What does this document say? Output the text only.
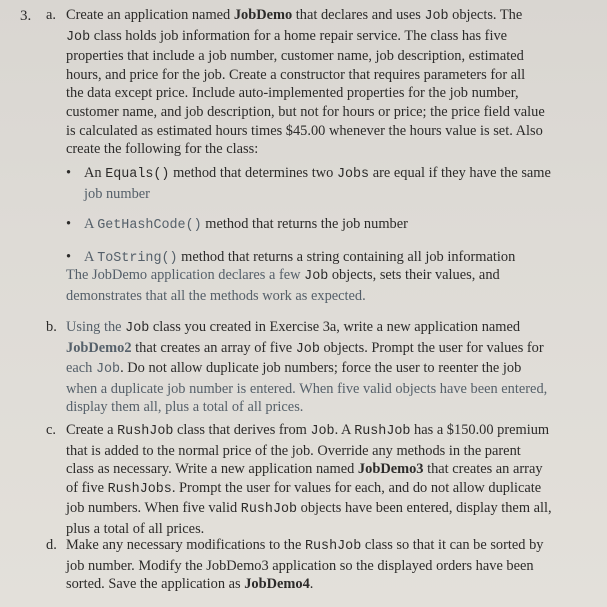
3. a. Create an application named JobDemo that declares and uses Job objects. The
Job class holds job information for a home repair service. The class has five
properties that include a job number, customer name, job description, estimated
hours, and price for the job. Create a constructor that requires parameters for all
the data except price. Include auto-implemented properties for the job number,
customer name, and job description, but not for hours or price; the price field value
is calculated as estimated hours times $45.00 whenever the hours value is set. Also
create the following for the class:
• An Equals() method that determines two Jobs are equal if they have the same
job number
• A GetHashCode() method that returns the job number
• A ToString() method that returns a string containing all job information
The JobDemo application declares a few Job objects, sets their values, and
demonstrates that all the methods work as expected.
b. Using the Job class you created in Exercise 3a, write a new application named
JobDemo2 that creates an array of five Job objects. Prompt the user for values for
each Job. Do not allow duplicate job numbers; force the user to reenter the job
when a duplicate job number is entered. When five valid objects have been entered,
display them all, plus a total of all prices.
c. Create a RushJob class that derives from Job. A RushJob has a $150.00 premium
that is added to the normal price of the job. Override any methods in the parent
class as necessary. Write a new application named JobDemo3 that creates an array
of five RushJobs. Prompt the user for values for each, and do not allow duplicate
job numbers. When five valid RushJob objects have been entered, display them all,
plus a total of all prices.
d. Make any necessary modifications to the RushJob class so that it can be sorted by
job number. Modify the JobDemo3 application so the displayed orders have been
sorted. Save the application as JobDemo4.
